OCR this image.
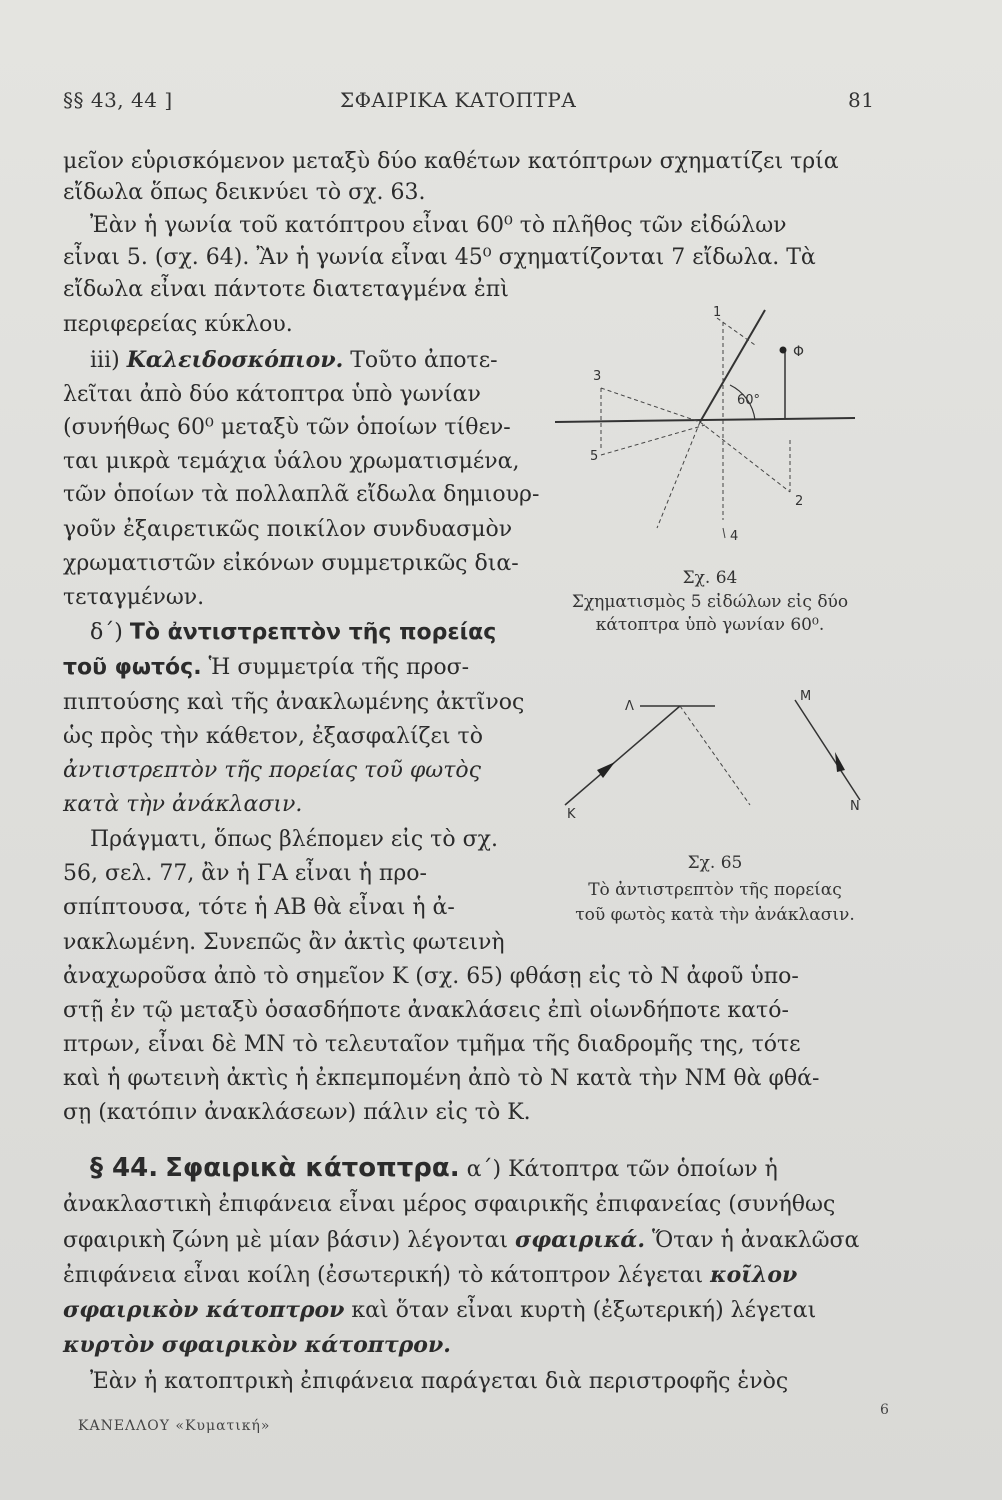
§§ 43, 44 ]	ΣΦΑΙΡΙΚΑ ΚΑΤΟΠΤΡΑ	81
μεῖον εὑρισκόμενον μεταξὺ δύο καθέτων κατόπτρων σχηματίζει τρία
εἴδωλα ὅπως δεικνύει τὸ σχ. 63.
Ἐὰν ἡ γωνία τοῦ κατόπτρου εἶναι 60⁰ τὸ πλῆθος τῶν εἰδώλων
εἶναι 5. (σχ. 64). Ἂν ἡ γωνία εἶναι 45⁰ σχηματίζονται 7 εἴδωλα. Τὰ
εἴδωλα εἶναι πάντοτε διατεταγμένα ἐπὶ
περιφερείας κύκλου.
iii) Καλειδοσκόπιον. Τοῦτο ἀποτε-
λεῖται ἀπὸ δύο κάτοπτρα ὑπὸ γωνίαν
(συνήθως 60⁰ μεταξὺ τῶν ὁποίων τίθεν-
ται μικρὰ τεμάχια ὑάλου χρωματισμένα,
τῶν ὁποίων τὰ πολλαπλᾶ εἴδωλα δημιουρ-
γοῦν ἐξαιρετικῶς ποικίλον συνδυασμὸν
χρωματιστῶν εἰκόνων συμμετρικῶς δια-
τεταγμένων.
δ΄) Τὸ ἀντιστρεπτὸν τῆς πορείας
τοῦ φωτός. Ἡ συμμετρία τῆς προσ-
πιπτούσης καὶ τῆς ἀνακλωμένης ἀκτῖνος
ὡς πρὸς τὴν κάθετον, ἐξασφαλίζει τὸ
ἀντιστρεπτὸν τῆς πορείας τοῦ φωτὸς
κατὰ τὴν ἀνάκλασιν.
Πράγματι, ὅπως βλέπομεν εἰς τὸ σχ.
56, σελ. 77, ἂν ἡ ΓΑ εἶναι ἡ προ-
σπίπτουσα, τότε ἡ ΑΒ θὰ εἶναι ἡ ἀ-
νακλωμένη. Συνεπῶς ἂν ἀκτὶς φωτεινὴ
ἀναχωροῦσα ἀπὸ τὸ σημεῖον Κ (σχ. 65) φθάσῃ εἰς τὸ Ν ἀφοῦ ὑπο-
στῇ ἐν τῷ μεταξὺ ὁσασδήποτε ἀνακλάσεις ἐπὶ οἱωνδήποτε κατό-
πτρων, εἶναι δὲ ΜΝ τὸ τελευταῖον τμῆμα τῆς διαδρομῆς της, τότε
καὶ ἡ φωτεινὴ ἀκτὶς ἡ ἐκπεμπομένη ἀπὸ τὸ Ν κατὰ τὴν ΝΜ θὰ φθά-
σῃ (κατόπιν ἀνακλάσεων) πάλιν εἰς τὸ Κ.
§ 44. Σφαιρικὰ κάτοπτρα. α΄) Κάτοπτρα τῶν ὁποίων ἡ
ἀνακλαστικὴ ἐπιφάνεια εἶναι μέρος σφαιρικῆς ἐπιφανείας (συνήθως
σφαιρικὴ ζώνη μὲ μίαν βάσιν) λέγονται σφαιρικά. Ὅταν ἡ ἀνακλῶσα
ἐπιφάνεια εἶναι κοίλη (ἐσωτερική) τὸ κάτοπτρον λέγεται κοῖλον
σφαιρικὸν κάτοπτρον καὶ ὅταν εἶναι κυρτὴ (ἐξωτερική) λέγεται
κυρτὸν σφαιρικὸν κάτοπτρον.
Ἐὰν ἡ κατοπτρικὴ ἐπιφάνεια παράγεται διὰ περιστροφῆς ἑνὸς
60°
1
Φ
3
5
2
4
Σχ. 64
Σχηματισμὸς 5 εἰδώλων εἰς δύο
κάτοπτρα ὑπὸ γωνίαν 60⁰.
Λ
Μ
Κ
Ν
Σχ. 65
Τὸ ἀντιστρεπτὸν τῆς πορείας
τοῦ φωτὸς κατὰ τὴν ἀνάκλασιν.
ΚΑΝΕΛΛΟΥ «Κυματική»
6
